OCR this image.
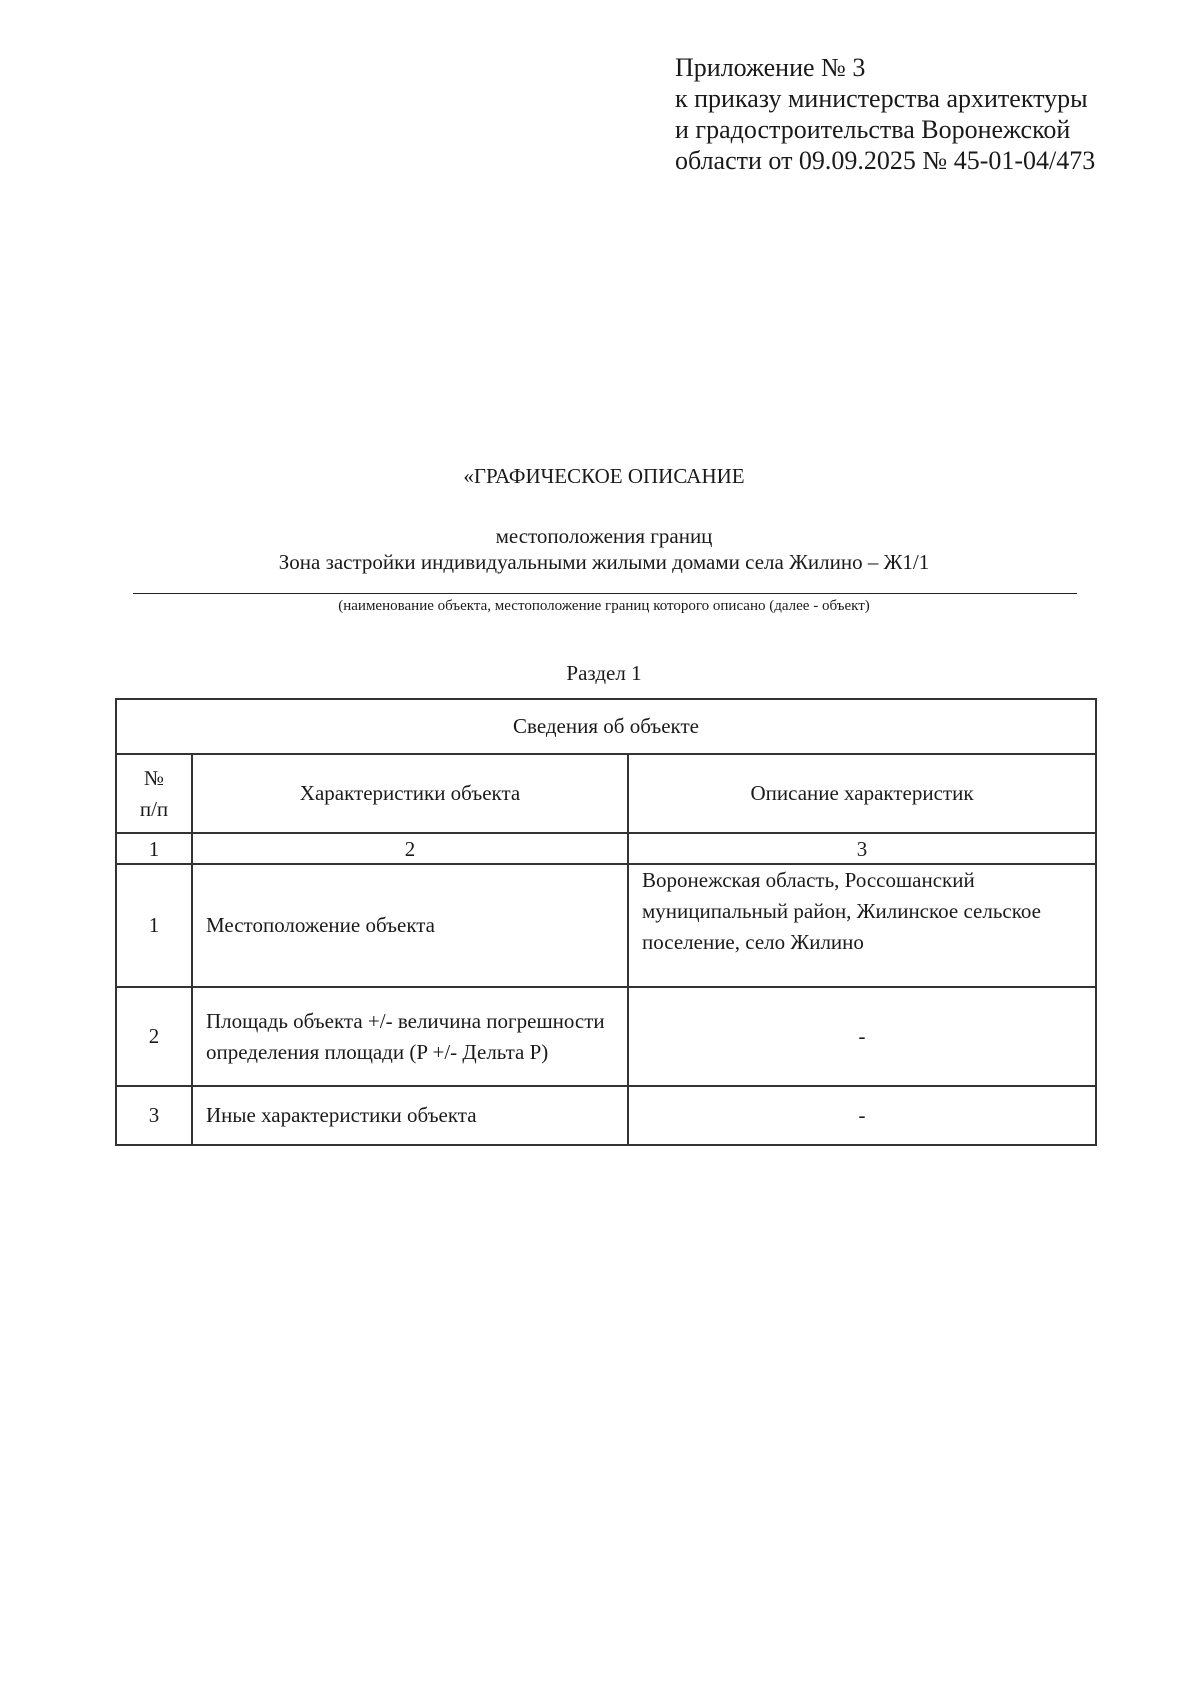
Приложение № 3
к приказу министерства архитектуры
и градостроительства Воронежской
области от 09.09.2025 № 45-01-04/473
«ГРАФИЧЕСКОЕ ОПИСАНИЕ
местоположения границ
Зона застройки индивидуальными жилыми домами села Жилино – Ж1/1
(наименование объекта, местоположение границ которого описано (далее - объект)
Раздел 1
Сведения об объекте		

№
п/п	Характеристики объекта	Описание характеристик
1	2	3
1	Местоположение объекта	Воронежская область, Россошанский муниципальный район, Жилинское сельское поселение, село Жилино
2	Площадь объекта +/- величина погрешности определения площади (P +/- Дельта P)	-
3	Иные характеристики объекта	-
